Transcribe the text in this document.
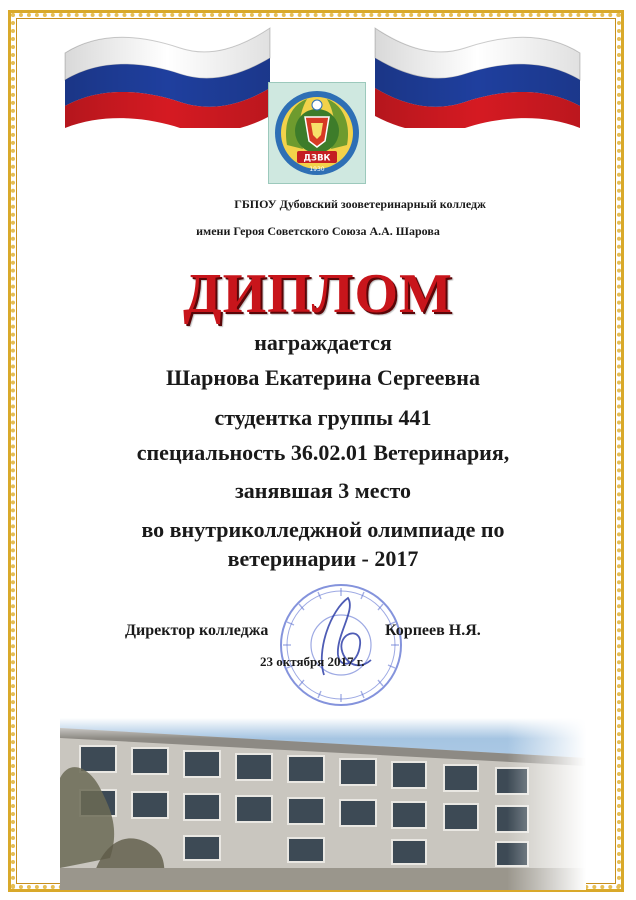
ДЗВК
1930
ГБПОУ Дубовский зооветеринарный колледж
имени Героя Советского Союза А.А. Шарова
ДИПЛОМ
награждается
Шарнова Екатерина Сергеевна
студентка группы 441
специальность 36.02.01 Ветеринария,
занявшая 3 место
во внутриколледжной олимпиаде по
ветеринарии - 2017
Директор колледжа	Корпеев Н.Я.
23 октября 2017 г.
